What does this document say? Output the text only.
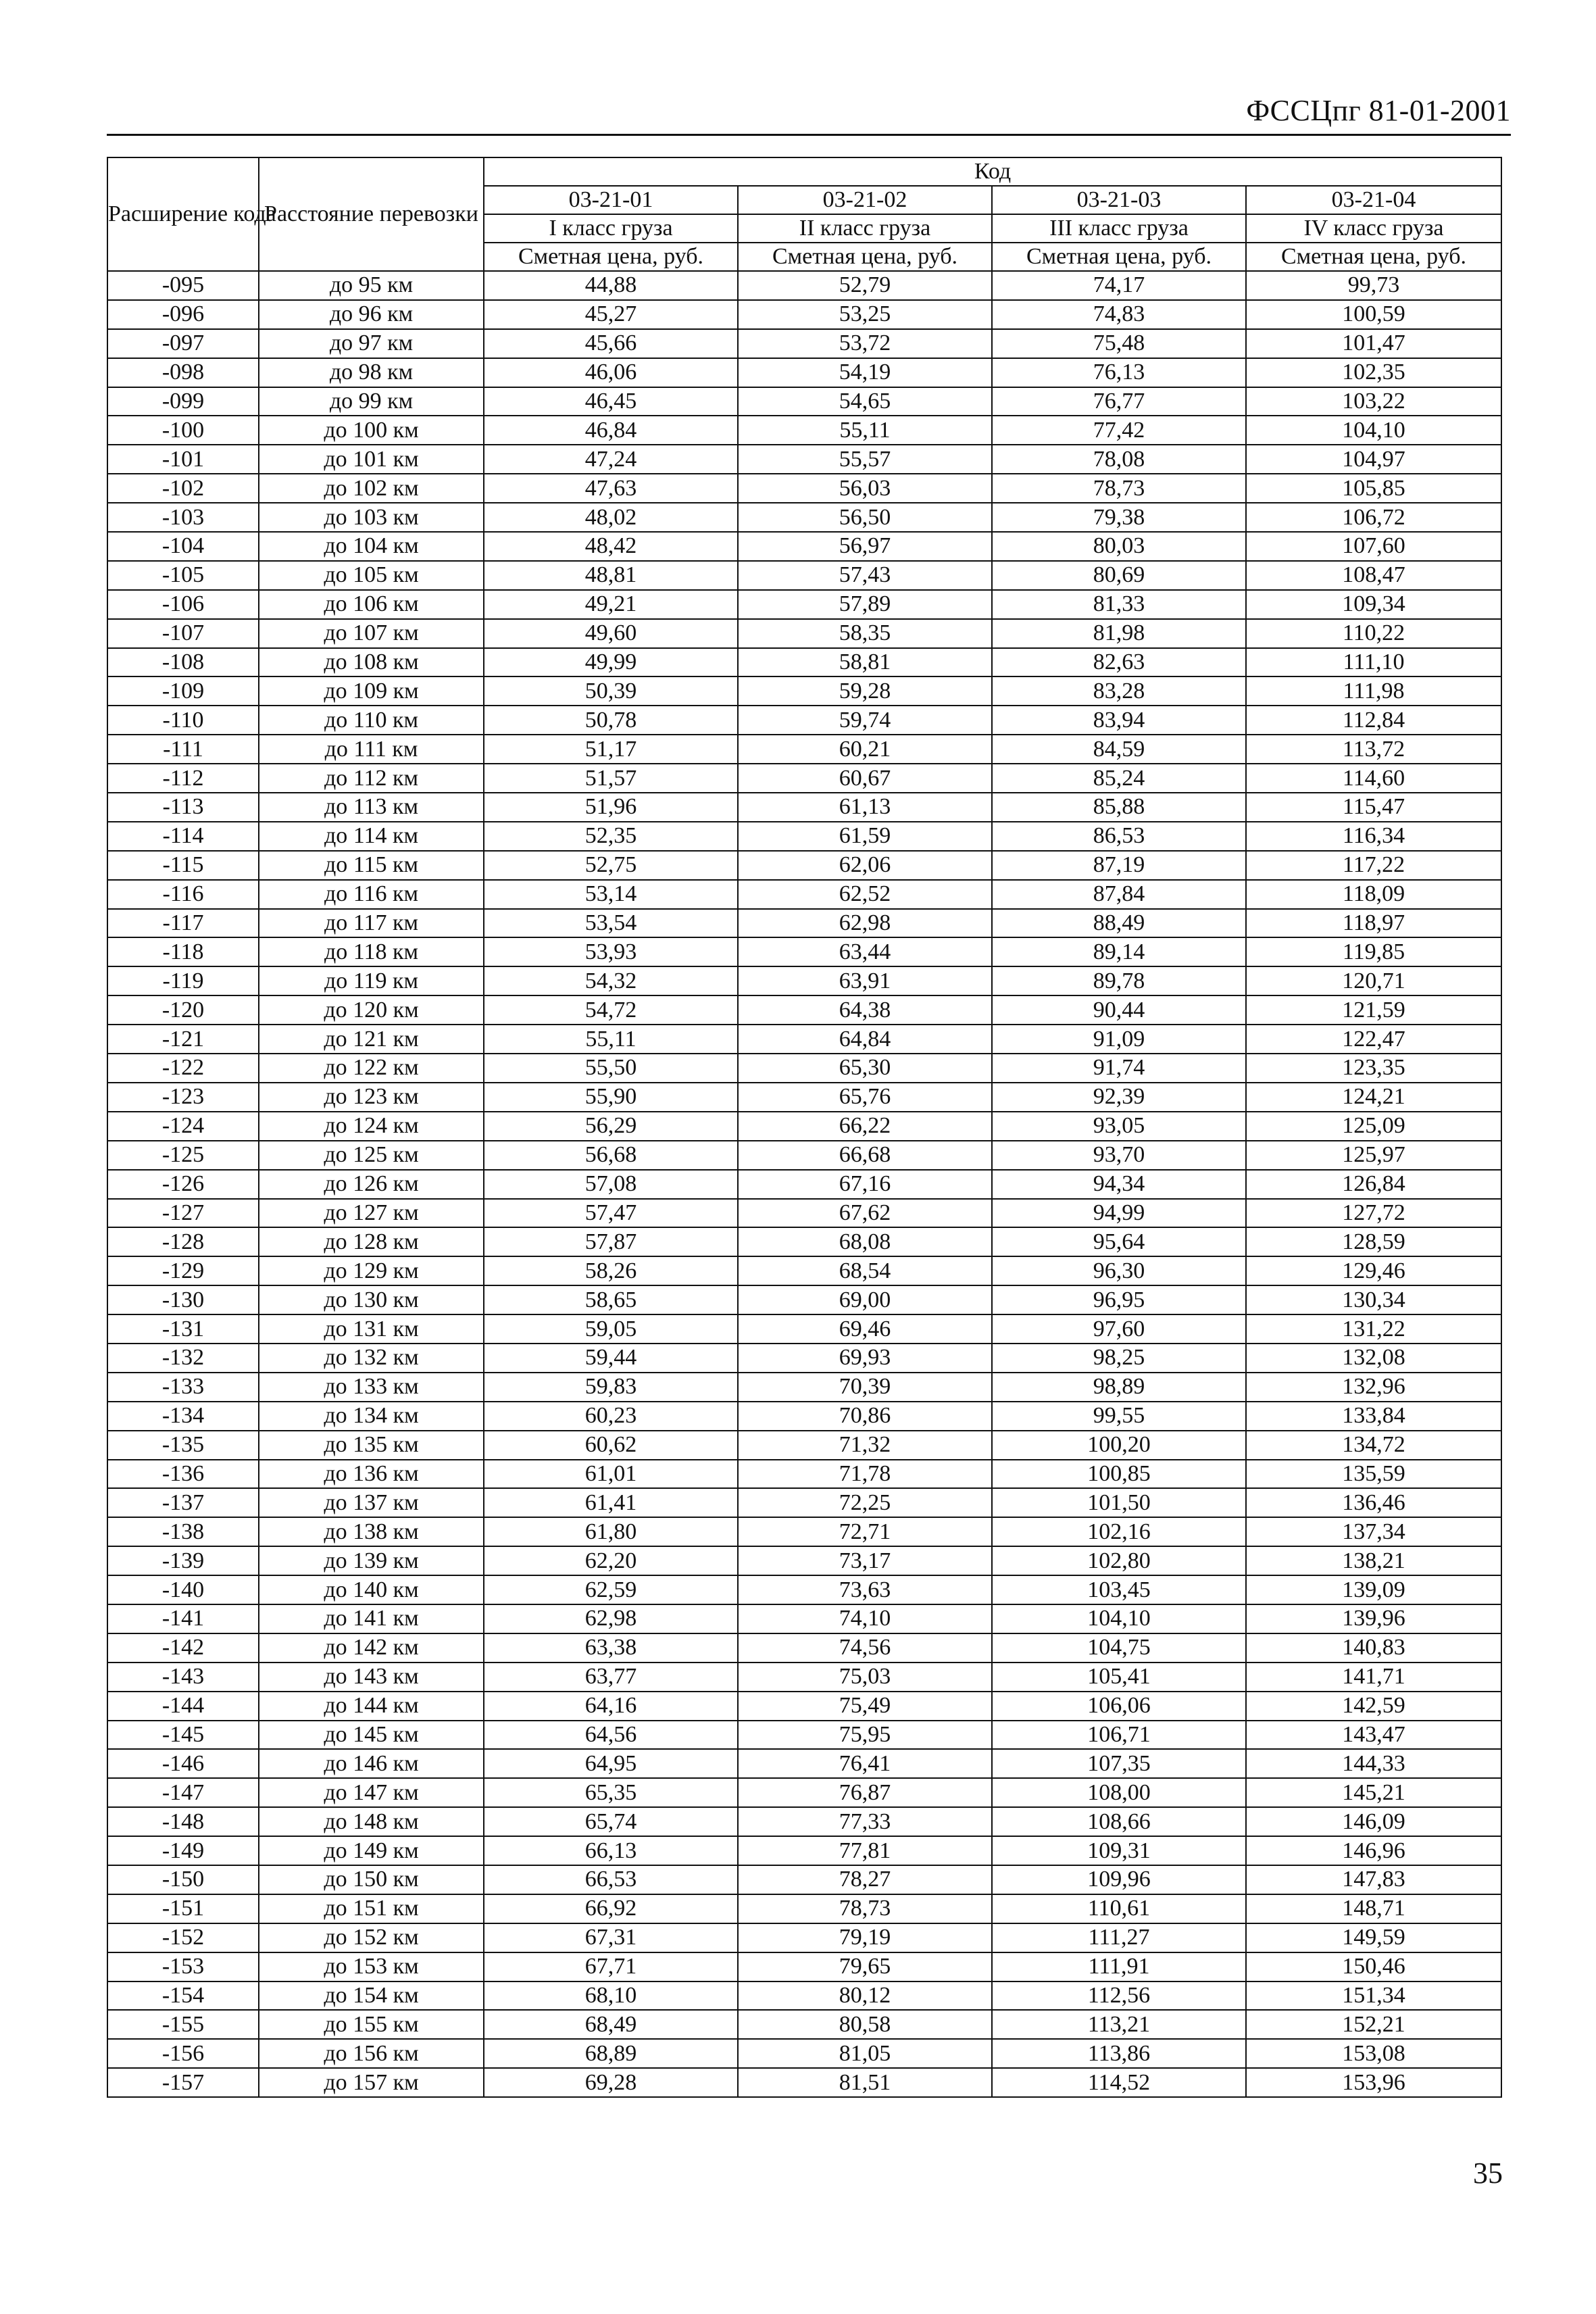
ФССЦпг 81-01-2001
Расширение кода	Расстояние перевозки	Код			
		03-21-01	03-21-02	03-21-03	03-21-04
		I класс груза	II класс груза	III класс груза	IV класс груза
		Сметная цена, руб.	Сметная цена, руб.	Сметная цена, руб.	Сметная цена, руб.
-095	до 95 км	44,88	52,79	74,17	99,73
-096	до 96 км	45,27	53,25	74,83	100,59
-097	до 97 км	45,66	53,72	75,48	101,47
-098	до 98 км	46,06	54,19	76,13	102,35
-099	до 99 км	46,45	54,65	76,77	103,22
-100	до 100 км	46,84	55,11	77,42	104,10
-101	до 101 км	47,24	55,57	78,08	104,97
-102	до 102 км	47,63	56,03	78,73	105,85
-103	до 103 км	48,02	56,50	79,38	106,72
-104	до 104 км	48,42	56,97	80,03	107,60
-105	до 105 км	48,81	57,43	80,69	108,47
-106	до 106 км	49,21	57,89	81,33	109,34
-107	до 107 км	49,60	58,35	81,98	110,22
-108	до 108 км	49,99	58,81	82,63	111,10
-109	до 109 км	50,39	59,28	83,28	111,98
-110	до 110 км	50,78	59,74	83,94	112,84
-111	до 111 км	51,17	60,21	84,59	113,72
-112	до 112 км	51,57	60,67	85,24	114,60
-113	до 113 км	51,96	61,13	85,88	115,47
-114	до 114 км	52,35	61,59	86,53	116,34
-115	до 115 км	52,75	62,06	87,19	117,22
-116	до 116 км	53,14	62,52	87,84	118,09
-117	до 117 км	53,54	62,98	88,49	118,97
-118	до 118 км	53,93	63,44	89,14	119,85
-119	до 119 км	54,32	63,91	89,78	120,71
-120	до 120 км	54,72	64,38	90,44	121,59
-121	до 121 км	55,11	64,84	91,09	122,47
-122	до 122 км	55,50	65,30	91,74	123,35
-123	до 123 км	55,90	65,76	92,39	124,21
-124	до 124 км	56,29	66,22	93,05	125,09
-125	до 125 км	56,68	66,68	93,70	125,97
-126	до 126 км	57,08	67,16	94,34	126,84
-127	до 127 км	57,47	67,62	94,99	127,72
-128	до 128 км	57,87	68,08	95,64	128,59
-129	до 129 км	58,26	68,54	96,30	129,46
-130	до 130 км	58,65	69,00	96,95	130,34
-131	до 131 км	59,05	69,46	97,60	131,22
-132	до 132 км	59,44	69,93	98,25	132,08
-133	до 133 км	59,83	70,39	98,89	132,96
-134	до 134 км	60,23	70,86	99,55	133,84
-135	до 135 км	60,62	71,32	100,20	134,72
-136	до 136 км	61,01	71,78	100,85	135,59
-137	до 137 км	61,41	72,25	101,50	136,46
-138	до 138 км	61,80	72,71	102,16	137,34
-139	до 139 км	62,20	73,17	102,80	138,21
-140	до 140 км	62,59	73,63	103,45	139,09
-141	до 141 км	62,98	74,10	104,10	139,96
-142	до 142 км	63,38	74,56	104,75	140,83
-143	до 143 км	63,77	75,03	105,41	141,71
-144	до 144 км	64,16	75,49	106,06	142,59
-145	до 145 км	64,56	75,95	106,71	143,47
-146	до 146 км	64,95	76,41	107,35	144,33
-147	до 147 км	65,35	76,87	108,00	145,21
-148	до 148 км	65,74	77,33	108,66	146,09
-149	до 149 км	66,13	77,81	109,31	146,96
-150	до 150 км	66,53	78,27	109,96	147,83
-151	до 151 км	66,92	78,73	110,61	148,71
-152	до 152 км	67,31	79,19	111,27	149,59
-153	до 153 км	67,71	79,65	111,91	150,46
-154	до 154 км	68,10	80,12	112,56	151,34
-155	до 155 км	68,49	80,58	113,21	152,21
-156	до 156 км	68,89	81,05	113,86	153,08
-157	до 157 км	69,28	81,51	114,52	153,96
35
